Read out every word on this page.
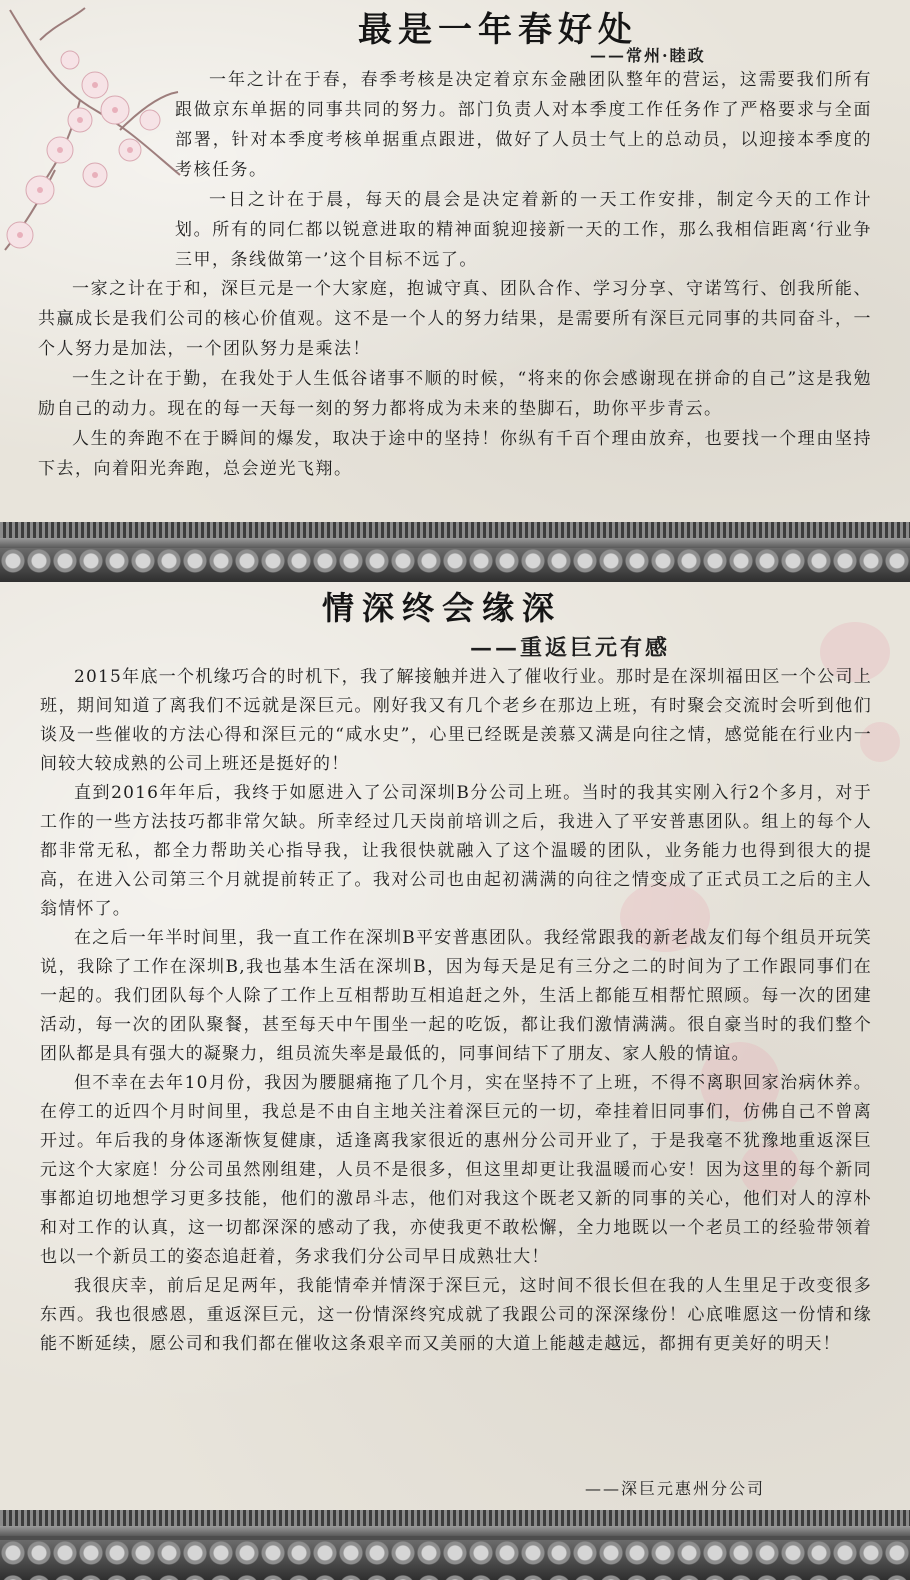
最是一年春好处
——常州·睦政

一年之计在于春，春季考核是决定着京东金融团队整年的营运，这需要我们所有跟做京东单据的同事共同的努力。部门负责人对本季度工作任务作了严格要求与全面部署，针对本季度考核单据重点跟进，做好了人员士气上的总动员，以迎接本季度的考核任务。

一日之计在于晨，每天的晨会是决定着新的一天工作安排，制定今天的工作计划。所有的同仁都以锐意进取的精神面貌迎接新一天的工作，那么我相信距离‘行业争三甲，条线做第一’这个目标不远了。

一家之计在于和，深巨元是一个大家庭，抱诚守真、团队合作、学习分享、守诺笃行、创我所能、共赢成长是我们公司的核心价值观。这不是一个人的努力结果，是需要所有深巨元同事的共同奋斗，一个人努力是加法，一个团队努力是乘法！

一生之计在于勤，在我处于人生低谷诸事不顺的时候，“将来的你会感谢现在拼命的自己”这是我勉励自己的动力。现在的每一天每一刻的努力都将成为未来的垫脚石，助你平步青云。

人生的奔跑不在于瞬间的爆发，取决于途中的坚持！你纵有千百个理由放弃，也要找一个理由坚持下去，向着阳光奔跑，总会逆光飞翔。

情深终会缘深
——重返巨元有感

2015年底一个机缘巧合的时机下，我了解接触并进入了催收行业。那时是在深圳福田区一个公司上班，期间知道了离我们不远就是深巨元。刚好我又有几个老乡在那边上班，有时聚会交流时会听到他们谈及一些催收的方法心得和深巨元的“咸水史”，心里已经既是羡慕又满是向往之情，感觉能在行业内一间较大较成熟的公司上班还是挺好的！

直到2016年年后，我终于如愿进入了公司深圳B分公司上班。当时的我其实刚入行2个多月，对于工作的一些方法技巧都非常欠缺。所幸经过几天岗前培训之后，我进入了平安普惠团队。组上的每个人都非常无私，都全力帮助关心指导我，让我很快就融入了这个温暖的团队，业务能力也得到很大的提高，在进入公司第三个月就提前转正了。我对公司也由起初满满的向往之情变成了正式员工之后的主人翁情怀了。

在之后一年半时间里，我一直工作在深圳B平安普惠团队。我经常跟我的新老战友们每个组员开玩笑说，我除了工作在深圳B,我也基本生活在深圳B，因为每天是足有三分之二的时间为了工作跟同事们在一起的。我们团队每个人除了工作上互相帮助互相追赶之外，生活上都能互相帮忙照顾。每一次的团建活动，每一次的团队聚餐，甚至每天中午围坐一起的吃饭，都让我们激情满满。很自豪当时的我们整个团队都是具有强大的凝聚力，组员流失率是最低的，同事间结下了朋友、家人般的情谊。

但不幸在去年10月份，我因为腰腿痛拖了几个月，实在坚持不了上班，不得不离职回家治病休养。在停工的近四个月时间里，我总是不由自主地关注着深巨元的一切，牵挂着旧同事们，仿佛自己不曾离开过。年后我的身体逐渐恢复健康，适逢离我家很近的惠州分公司开业了，于是我毫不犹豫地重返深巨元这个大家庭！分公司虽然刚组建，人员不是很多，但这里却更让我温暖而心安！因为这里的每个新同事都迫切地想学习更多技能，他们的激昂斗志，他们对我这个既老又新的同事的关心，他们对人的淳朴和对工作的认真，这一切都深深的感动了我，亦使我更不敢松懈，全力地既以一个老员工的经验带领着也以一个新员工的姿态追赶着，务求我们分公司早日成熟壮大！

我很庆幸，前后足足两年，我能情牵并情深于深巨元，这时间不很长但在我的人生里足于改变很多东西。我也很感恩，重返深巨元，这一份情深终究成就了我跟公司的深深缘份！心底唯愿这一份情和缘能不断延续，愿公司和我们都在催收这条艰辛而又美丽的大道上能越走越远，都拥有更美好的明天！

——深巨元惠州分公司
